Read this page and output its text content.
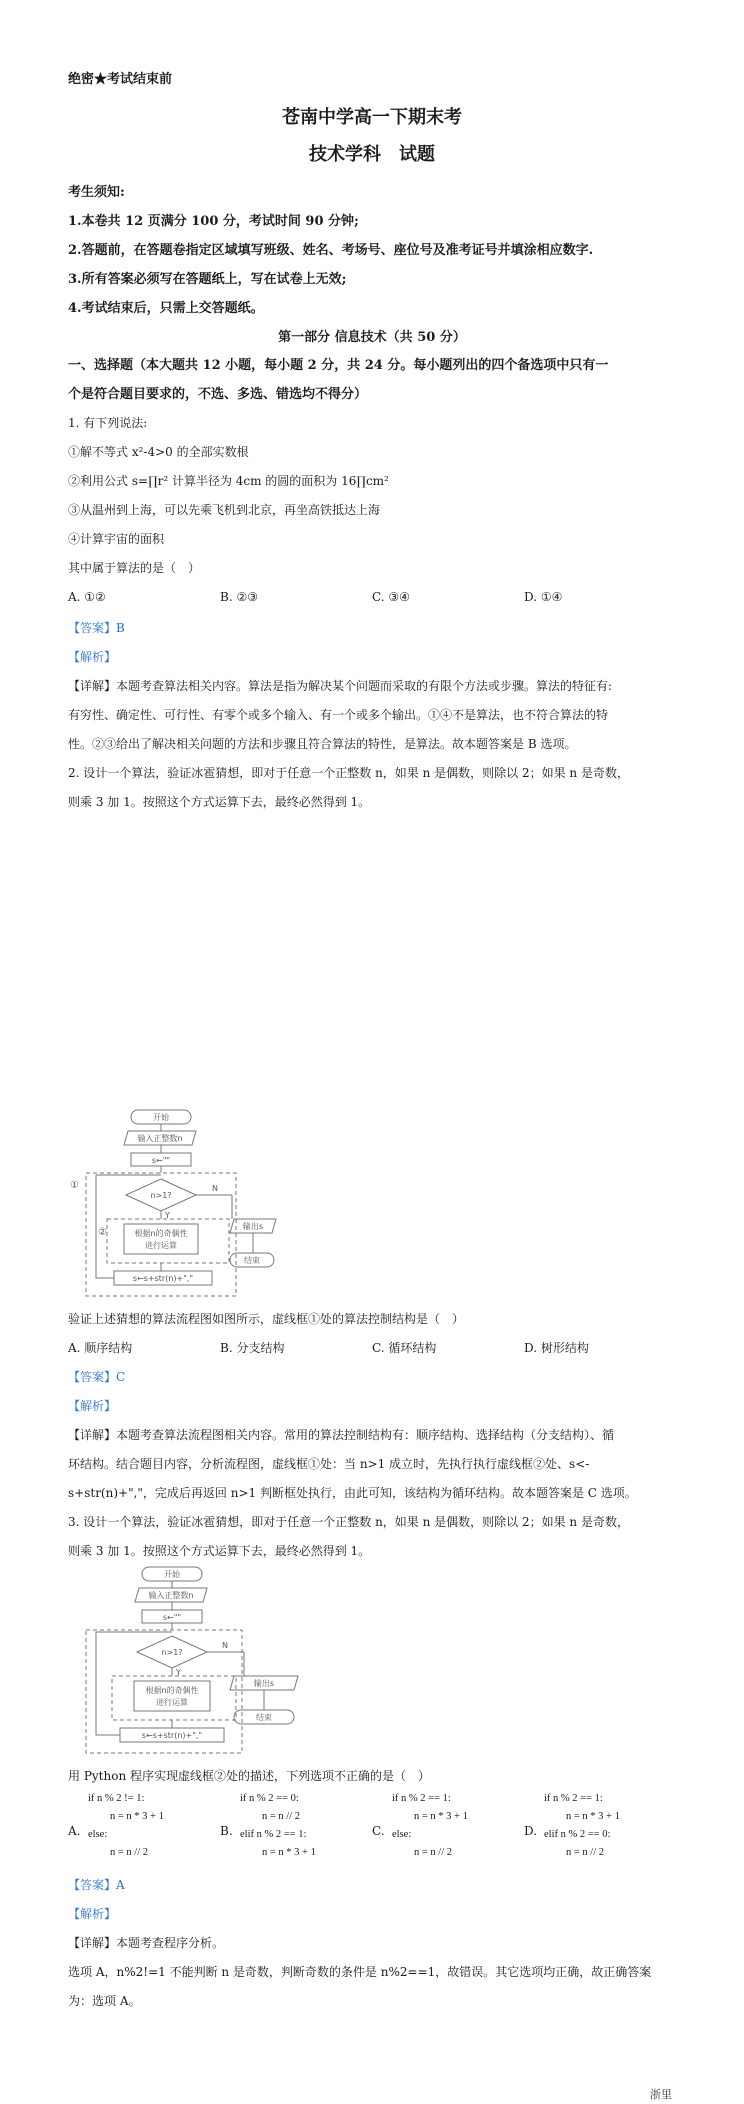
绝密★考试结束前
苍南中学高一下期末考
技术学科　试题
考生须知:
1.本卷共 12 页满分 100 分，考试时间 90 分钟;
2.答题前，在答题卷指定区域填写班级、姓名、考场号、座位号及准考证号并填涂相应数字.
3.所有答案必须写在答题纸上，写在试卷上无效;
4.考试结束后，只需上交答题纸。
第一部分 信息技术（共 50 分）
一、选择题（本大题共 12 小题，每小题 2 分，共 24 分。每小题列出的四个备选项中只有一
个是符合题目要求的，不选、多选、错选均不得分）
1. 有下列说法:
①解不等式 x²-4>0 的全部实数根
②利用公式 s=∏r² 计算半径为 4cm 的圆的面积为 16∏cm²
③从温州到上海，可以先乘飞机到北京，再坐高铁抵达上海
④计算宇宙的面积
其中属于算法的是（　）
A. ①②	B. ②③	C. ③④	D. ①④
【答案】B
【解析】
【详解】本题考查算法相关内容。算法是指为解决某个问题而采取的有限个方法或步骤。算法的特征有:
有穷性、确定性、可行性、有零个或多个输入、有一个或多个输出。①④不是算法，也不符合算法的特
性。②③给出了解决相关问题的方法和步骤且符合算法的特性，是算法。故本题答案是 B 选项。
2. 设计一个算法，验证冰雹猜想，即对于任意一个正整数 n，如果 n 是偶数，则除以 2；如果 n 是奇数，
则乘 3 加 1。按照这个方式运算下去，最终必然得到 1。
开始
输入正整数n
s←""
①
n>1?
N
输出s
结束
Y
②	根据n的奇偶性
进行运算
s←s+str(n)+","
验证上述猜想的算法流程图如图所示，虚线框①处的算法控制结构是（　）
A. 顺序结构	B. 分支结构	C. 循环结构	D. 树形结构
【答案】C
【解析】
【详解】本题考查算法流程图相关内容。常用的算法控制结构有：顺序结构、选择结构（分支结构）、循
环结构。结合题目内容，分析流程图，虚线框①处：当 n>1 成立时，先执行执行虚线框②处、s<-
s+str(n)+","，完成后再返回 n>1 判断框处执行，由此可知，该结构为循环结构。故本题答案是 C 选项。
3. 设计一个算法，验证冰雹猜想，即对于任意一个正整数 n，如果 n 是偶数，则除以 2；如果 n 是奇数，
则乘 3 加 1。按照这个方式运算下去，最终必然得到 1。
开始
输入正整数n
s←""
n>1?
N
输出s
结束
Y
根据n的奇偶性
进行运算
s←s+str(n)+","
用 Python 程序实现虚线框②处的描述，下列选项不正确的是（　）
A.
if n % 2 != 1:
n = n * 3 + 1
else:
n = n // 2
B.
if n % 2 == 0:
n = n // 2
elif n % 2 == 1:
n = n * 3 + 1
C.
if n % 2 == 1:
n = n * 3 + 1
else:
n = n // 2
D.
if n % 2 == 1:
n = n * 3 + 1
elif n % 2 == 0:
n = n // 2
【答案】A
【解析】
【详解】本题考查程序分析。
选项 A，n%2!=1 不能判断 n 是奇数，判断奇数的条件是 n%2==1，故错误。其它选项均正确，故正确答案
为：选项 A。
浙里
